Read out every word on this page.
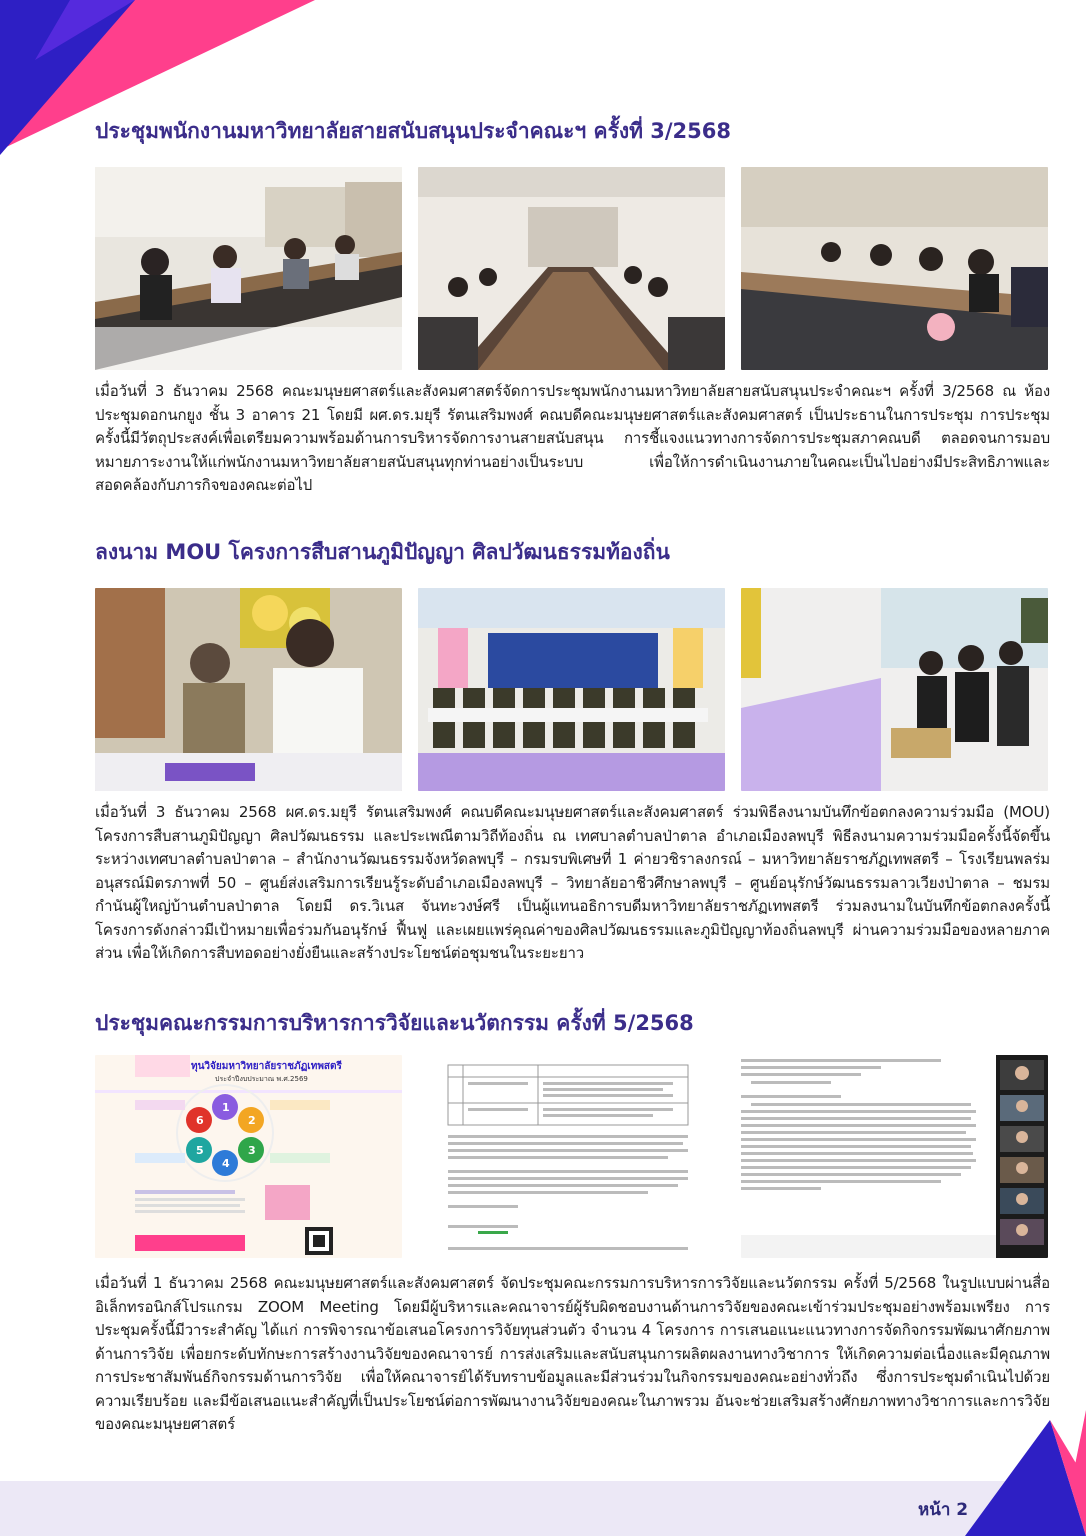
หน้า 2
ประชุมพนักงานมหาวิทยาลัยสายสนับสนุนประจำคณะฯ ครั้งที่ 3/2568

เมื่อวันที่ 3 ธันวาคม 2568 คณะมนุษยศาสตร์และสังคมศาสตร์จัดการประชุมพนักงานมหาวิทยาลัยสายสนับสนุนประจำคณะฯ ครั้งที่ 3/2568 ณ ห้องประชุมดอกนกยูง ชั้น 3 อาคาร 21 โดยมี ผศ.ดร.มยุรี รัตนเสริมพงศ์ คณบดีคณะมนุษยศาสตร์และสังคมศาสตร์ เป็นประธานในการประชุม การประชุมครั้งนี้มีวัตถุประสงค์เพื่อเตรียมความพร้อมด้านการบริหารจัดการงานสายสนับสนุน การชี้แจงแนวทางการจัดการประชุมสภาคณบดี ตลอดจนการมอบหมายภาระงานให้แก่พนักงานมหาวิทยาลัยสายสนับสนุนทุกท่านอย่างเป็นระบบ เพื่อให้การดำเนินงานภายในคณะเป็นไปอย่างมีประสิทธิภาพและสอดคล้องกับภารกิจของคณะต่อไป

ลงนาม MOU โครงการสืบสานภูมิปัญญา ศิลปวัฒนธรรมท้องถิ่น

เมื่อวันที่ 3 ธันวาคม 2568 ผศ.ดร.มยุรี รัตนเสริมพงศ์ คณบดีคณะมนุษยศาสตร์และสังคมศาสตร์ ร่วมพิธีลงนามบันทึกข้อตกลงความร่วมมือ (MOU) โครงการสืบสานภูมิปัญญา ศิลปวัฒนธรรม และประเพณีตามวิถีท้องถิ่น ณ เทศบาลตำบลป่าตาล อำเภอเมืองลพบุรี พิธีลงนามความร่วมมือครั้งนี้จัดขึ้นระหว่างเทศบาลตำบลป่าตาล – สำนักงานวัฒนธรรมจังหวัดลพบุรี – กรมรบพิเศษที่ 1 ค่ายวชิราลงกรณ์ – มหาวิทยาลัยราชภัฏเทพสตรี – โรงเรียนพลร่มอนุสรณ์มิตรภาพที่ 50 – ศูนย์ส่งเสริมการเรียนรู้ระดับอำเภอเมืองลพบุรี – วิทยาลัยอาชีวศึกษาลพบุรี – ศูนย์อนุรักษ์วัฒนธรรมลาวเวียงป่าตาล – ชมรมกำนันผู้ใหญ่บ้านตำบลป่าตาล โดยมี ดร.วิเนส จันทะวงษ์ศรี เป็นผู้แทนอธิการบดีมหาวิทยาลัยราชภัฏเทพสตรี ร่วมลงนามในบันทึกข้อตกลงครั้งนี้ โครงการดังกล่าวมีเป้าหมายเพื่อร่วมกันอนุรักษ์ ฟื้นฟู และเผยแพร่คุณค่าของศิลปวัฒนธรรมและภูมิปัญญาท้องถิ่นลพบุรี ผ่านความร่วมมือของหลายภาคส่วน เพื่อให้เกิดการสืบทอดอย่างยั่งยืนและสร้างประโยชน์ต่อชุมชนในระยะยาว

ประชุมคณะกรรมการบริหารการวิจัยและนวัตกรรม ครั้งที่ 5/2568
ทุนวิจัยมหาวิทยาลัยราชภัฏเทพสตรี
ประจำปีงบประมาณ พ.ศ.2569
1
2
3
4
5
6

เมื่อวันที่ 1 ธันวาคม 2568 คณะมนุษยศาสตร์และสังคมศาสตร์ จัดประชุมคณะกรรมการบริหารการวิจัยและนวัตกรรม ครั้งที่ 5/2568 ในรูปแบบผ่านสื่ออิเล็กทรอนิกส์โปรแกรม ZOOM Meeting โดยมีผู้บริหารและคณาจารย์ผู้รับผิดชอบงานด้านการวิจัยของคณะเข้าร่วมประชุมอย่างพร้อมเพรียง การประชุมครั้งนี้มีวาระสำคัญ ได้แก่ การพิจารณาข้อเสนอโครงการวิจัยทุนส่วนตัว จำนวน 4 โครงการ การเสนอแนะแนวทางการจัดกิจกรรมพัฒนาศักยภาพด้านการวิจัย เพื่อยกระดับทักษะการสร้างงานวิจัยของคณาจารย์ การส่งเสริมและสนับสนุนการผลิตผลงานทางวิชาการ ให้เกิดความต่อเนื่องและมีคุณภาพการประชาสัมพันธ์กิจกรรมด้านการวิจัย เพื่อให้คณาจารย์ได้รับทราบข้อมูลและมีส่วนร่วมในกิจกรรมของคณะอย่างทั่วถึง ซึ่งการประชุมดำเนินไปด้วยความเรียบร้อย และมีข้อเสนอแนะสำคัญที่เป็นประโยชน์ต่อการพัฒนางานวิจัยของคณะในภาพรวม อันจะช่วยเสริมสร้างศักยภาพทางวิชาการและการวิจัยของคณะมนุษยศาสตร์
